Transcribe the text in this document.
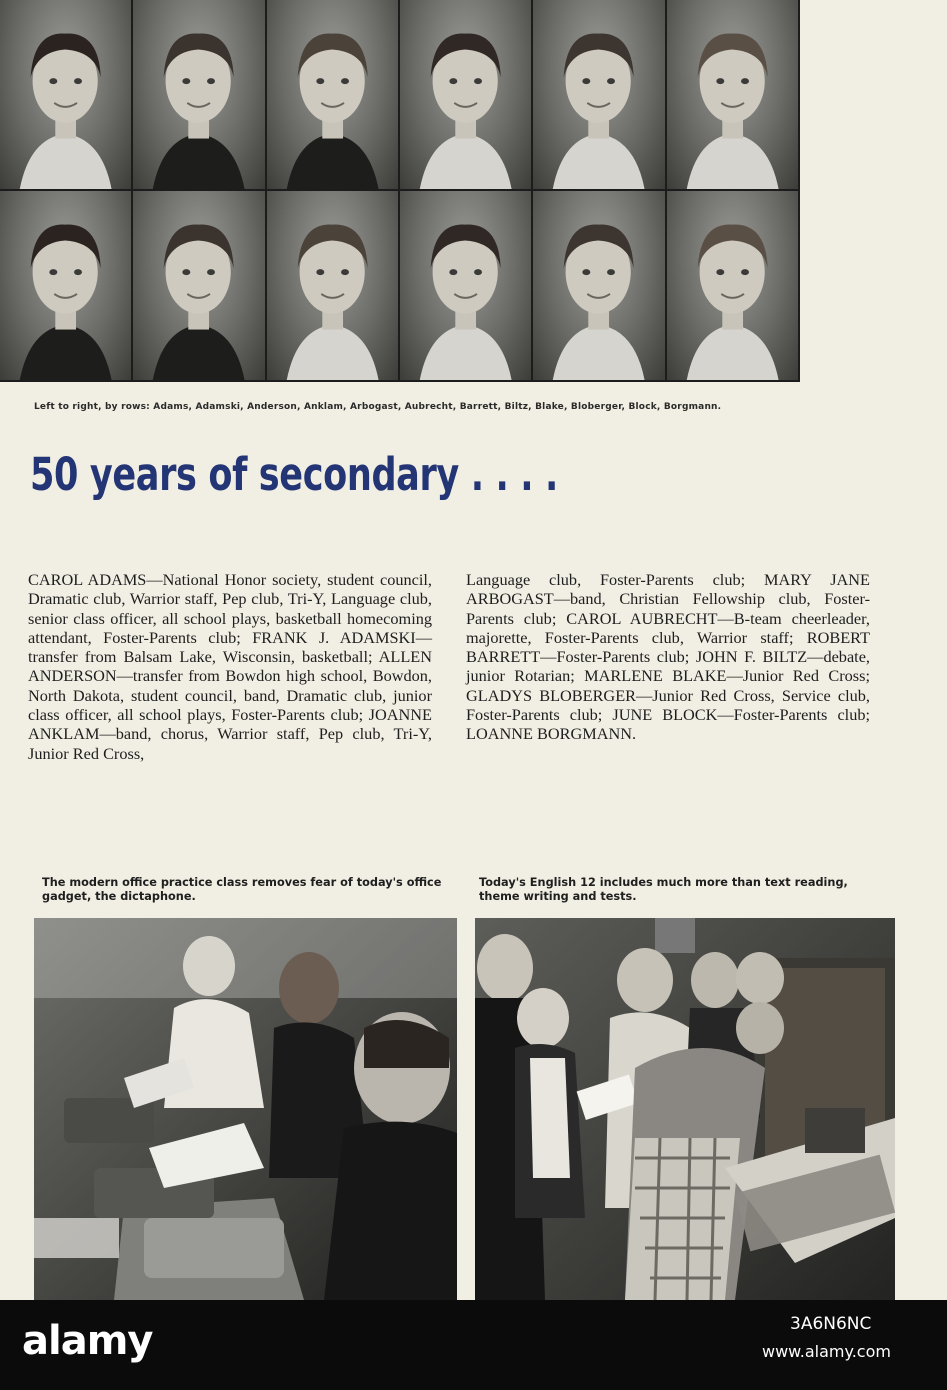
Left to right, by rows: Adams, Adamski, Anderson, Anklam, Arbogast, Aubrecht, Barrett, Biltz, Blake, Bloberger, Block, Borgmann.
50 years of secondary . . . .
CAROL ADAMS—National Honor society, student council, Dramatic club, Warrior staff, Pep club, Tri-Y, Language club, senior class officer, all school plays, basketball homecoming attendant, Foster-Parents club; FRANK J. ADAMSKI—transfer from Balsam Lake, Wisconsin, basketball; ALLEN ANDERSON—transfer from Bowdon high school, Bowdon, North Dakota, student council, band, Dramatic club, junior class officer, all school plays, Foster-Parents club; JOANNE ANKLAM—band, chorus, Warrior staff, Pep club, Tri-Y, Junior Red Cross,
Language club, Foster-Parents club; MARY JANE ARBOGAST—band, Christian Fellowship club, Foster-Parents club; CAROL AUBRECHT—B-team cheerleader, majorette, Foster-Parents club, Warrior staff; ROBERT BARRETT—Foster-Parents club; JOHN F. BILTZ—debate, junior Rotarian; MARLENE BLAKE—Junior Red Cross; GLADYS BLOBERGER—Junior Red Cross, Service club, Foster-Parents club; JUNE BLOCK—Foster-Parents club; LOANNE BORGMANN.
The modern office practice class removes fear of today's office gadget, the dictaphone.
Today's English 12 includes much more than text reading, theme writing and tests.
alamy	3A6N6NC
www.alamy.com
